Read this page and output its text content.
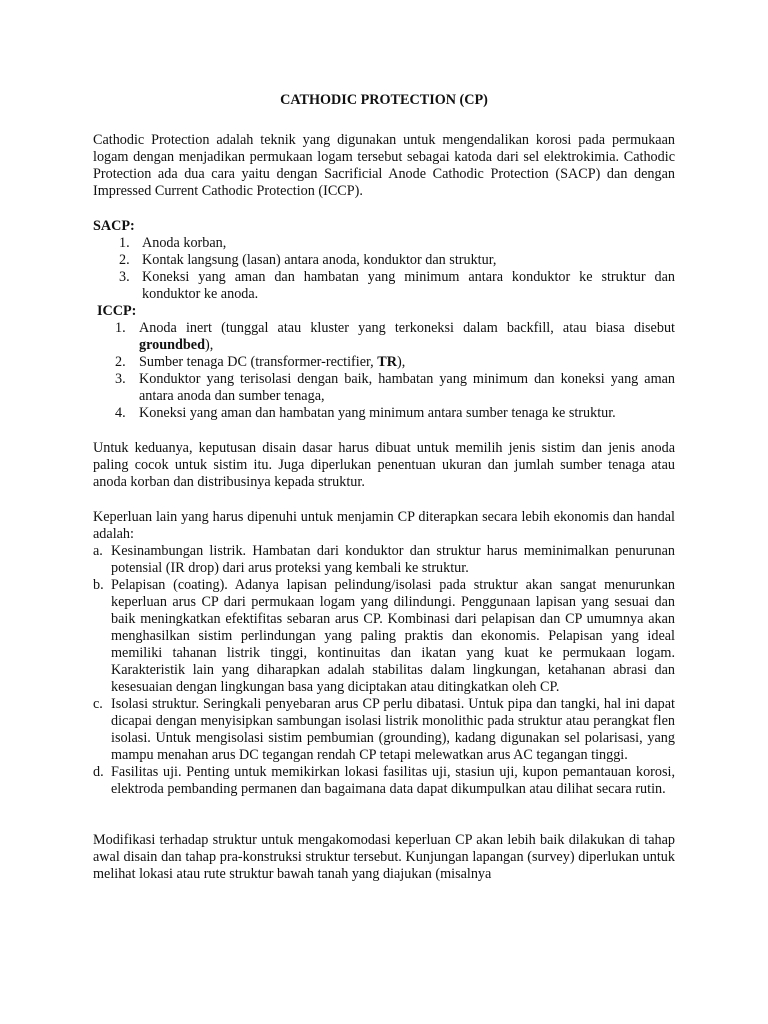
CATHODIC PROTECTION (CP)

Cathodic Protection adalah teknik yang digunakan untuk mengendalikan korosi pada permukaan logam dengan menjadikan permukaan logam tersebut sebagai katoda dari sel elektrokimia. Cathodic Protection ada dua cara yaitu dengan Sacrificial Anode Cathodic Protection (SACP) dan dengan Impressed Current Cathodic Protection (ICCP).

SACP:
1. Anoda korban,
2. Kontak langsung (lasan) antara anoda, konduktor dan struktur,
3. Koneksi yang aman dan hambatan yang minimum antara konduktor ke struktur dan konduktor ke anoda.
ICCP:
1. Anoda inert (tunggal atau kluster yang terkoneksi dalam backfill, atau biasa disebut groundbed),
2. Sumber tenaga DC (transformer-rectifier, TR),
3. Konduktor yang terisolasi dengan baik, hambatan yang minimum dan koneksi yang aman antara anoda dan sumber tenaga,
4. Koneksi yang aman dan hambatan yang minimum antara sumber tenaga ke struktur.

Untuk keduanya, keputusan disain dasar harus dibuat untuk memilih jenis sistim dan jenis anoda paling cocok untuk sistim itu. Juga diperlukan penentuan ukuran dan jumlah sumber tenaga atau anoda korban dan distribusinya kepada struktur.

Keperluan lain yang harus dipenuhi untuk menjamin CP diterapkan secara lebih ekonomis dan handal adalah:

a. Kesinambungan listrik. Hambatan dari konduktor dan struktur harus meminimalkan penurunan potensial (IR drop) dari arus proteksi yang kembali ke struktur.
b. Pelapisan (coating). Adanya lapisan pelindung/isolasi pada struktur akan sangat menurunkan keperluan arus CP dari permukaan logam yang dilindungi. Penggunaan lapisan yang sesuai dan baik meningkatkan efektifitas sebaran arus CP. Kombinasi dari pelapisan dan CP umumnya akan menghasilkan sistim perlindungan yang paling praktis dan ekonomis. Pelapisan yang ideal memiliki tahanan listrik tinggi, kontinuitas dan ikatan yang kuat ke permukaan logam. Karakteristik lain yang diharapkan adalah stabilitas dalam lingkungan, ketahanan abrasi dan kesesuaian dengan lingkungan basa yang diciptakan atau ditingkatkan oleh CP.
c. Isolasi struktur. Seringkali penyebaran arus CP perlu dibatasi. Untuk pipa dan tangki, hal ini dapat dicapai dengan menyisipkan sambungan isolasi listrik monolithic pada struktur atau perangkat flen isolasi. Untuk mengisolasi sistim pembumian (grounding), kadang digunakan sel polarisasi, yang mampu menahan arus DC tegangan rendah CP tetapi melewatkan arus AC tegangan tinggi.
d. Fasilitas uji. Penting untuk memikirkan lokasi fasilitas uji, stasiun uji, kupon pemantauan korosi, elektroda pembanding permanen dan bagaimana data dapat dikumpulkan atau dilihat secara rutin.

Modifikasi terhadap struktur untuk mengakomodasi keperluan CP akan lebih baik dilakukan di tahap awal disain dan tahap pra-konstruksi struktur tersebut. Kunjungan lapangan (survey) diperlukan untuk melihat lokasi atau rute struktur bawah tanah yang diajukan (misalnya
